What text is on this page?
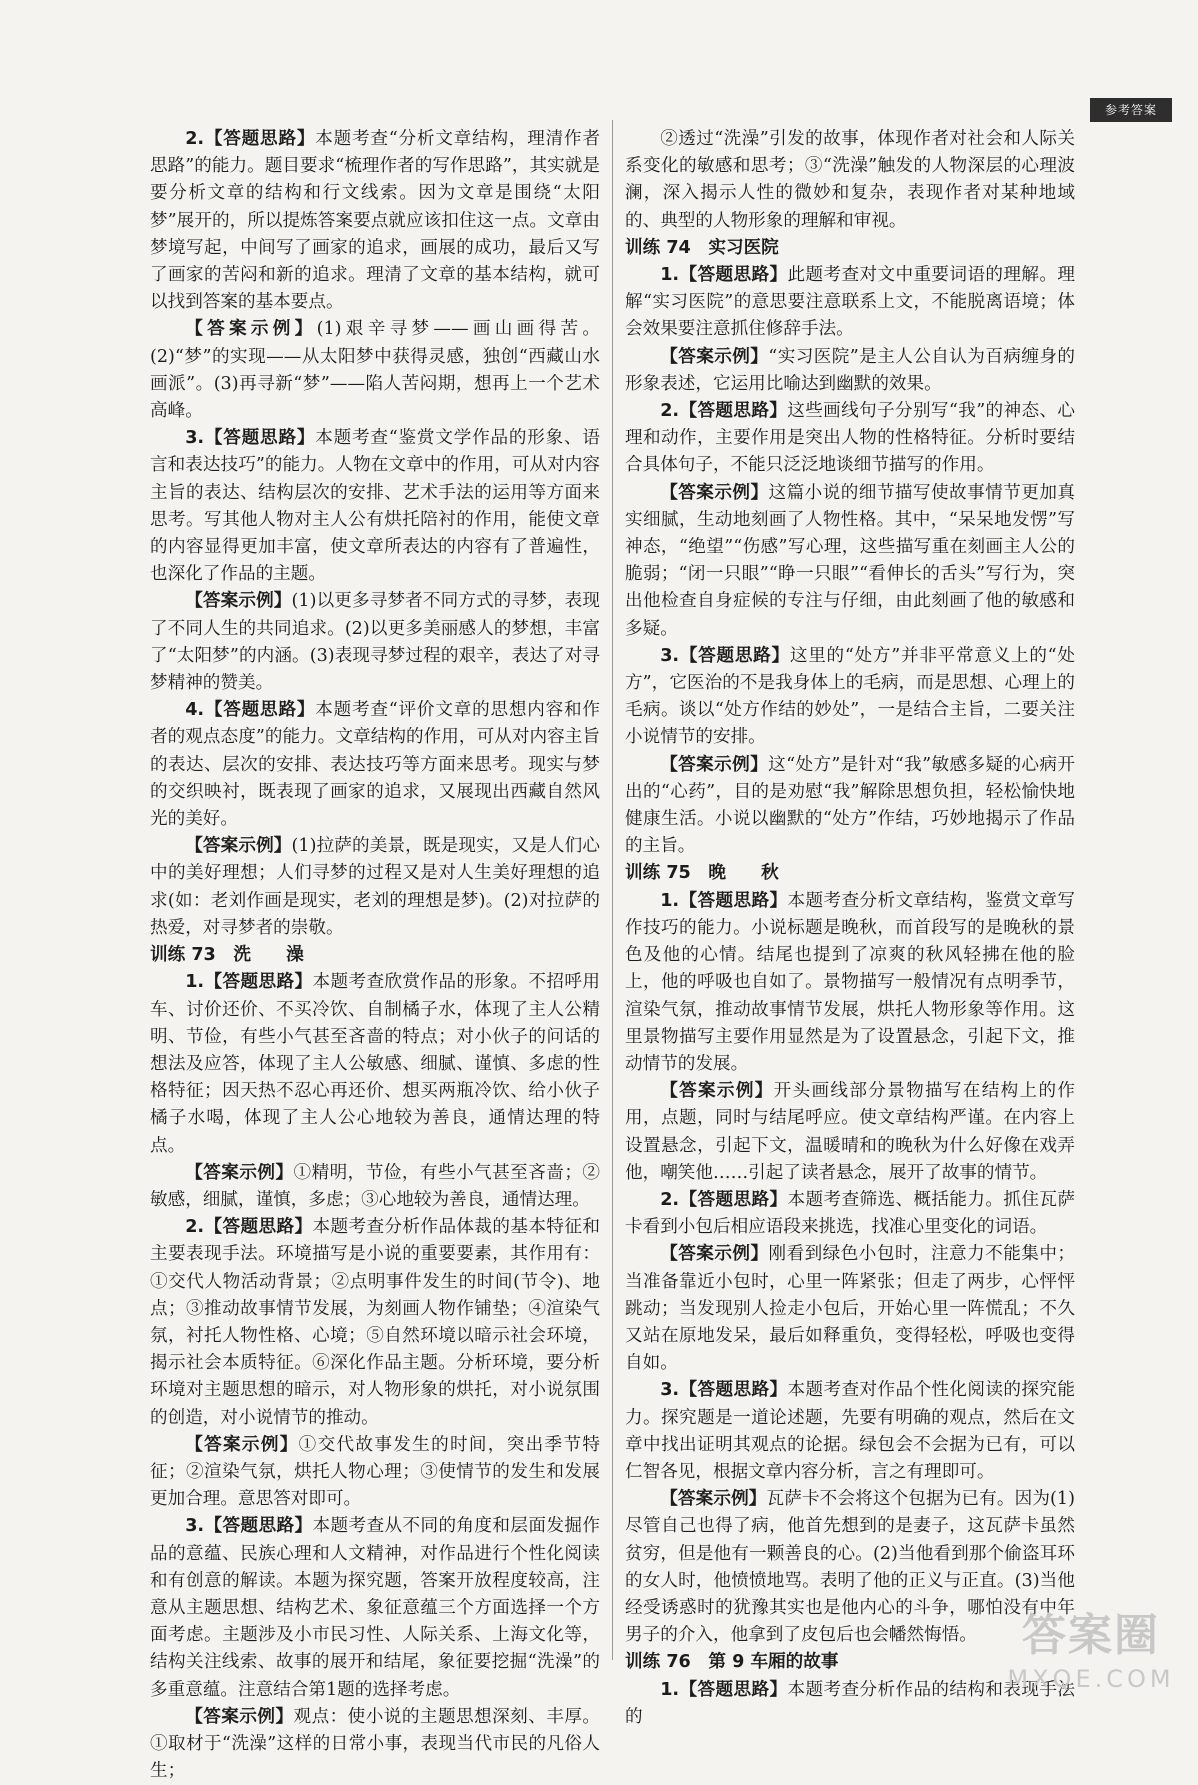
参考答案

2.【答题思路】本题考查“分析文章结构，理清作者思路”的能力。题目要求“梳理作者的写作思路”，其实就是要分析文章的结构和行文线索。因为文章是围绕“太阳梦”展开的，所以提炼答案要点就应该扣住这一点。文章由梦境写起，中间写了画家的追求，画展的成功，最后又写了画家的苦闷和新的追求。理清了文章的基本结构，就可以找到答案的基本要点。

【答案示例】(1)艰辛寻梦——画山画得苦。(2)“梦”的实现——从太阳梦中获得灵感，独创“西藏山水画派”。(3)再寻新“梦”——陷人苦闷期，想再上一个艺术高峰。

3.【答题思路】本题考查“鉴赏文学作品的形象、语言和表达技巧”的能力。人物在文章中的作用，可从对内容主旨的表达、结构层次的安排、艺术手法的运用等方面来思考。写其他人物对主人公有烘托陪衬的作用，能使文章的内容显得更加丰富，使文章所表达的内容有了普遍性，也深化了作品的主题。

【答案示例】(1)以更多寻梦者不同方式的寻梦，表现了不同人生的共同追求。(2)以更多美丽感人的梦想，丰富了“太阳梦”的内涵。(3)表现寻梦过程的艰辛，表达了对寻梦精神的赞美。

4.【答题思路】本题考查“评价文章的思想内容和作者的观点态度”的能力。文章结构的作用，可从对内容主旨的表达、层次的安排、表达技巧等方面来思考。现实与梦的交织映衬，既表现了画家的追求，又展现出西藏自然风光的美好。

【答案示例】(1)拉萨的美景，既是现实，又是人们心中的美好理想；人们寻梦的过程又是对人生美好理想的追求(如：老刘作画是现实，老刘的理想是梦)。(2)对拉萨的热爱，对寻梦者的崇敬。

训练 73　洗　　澡

1.【答题思路】本题考查欣赏作品的形象。不招呼用车、讨价还价、不买冷饮、自制橘子水，体现了主人公精明、节俭，有些小气甚至吝啬的特点；对小伙子的问话的想法及应答，体现了主人公敏感、细腻、谨慎、多虑的性格特征；因天热不忍心再还价、想买两瓶冷饮、给小伙子橘子水喝，体现了主人公心地较为善良，通情达理的特点。

【答案示例】①精明，节俭，有些小气甚至吝啬；②敏感，细腻，谨慎，多虑；③心地较为善良，通情达理。

2.【答题思路】本题考查分析作品体裁的基本特征和主要表现手法。环境描写是小说的重要要素，其作用有：①交代人物活动背景；②点明事件发生的时间(节令)、地点；③推动故事情节发展，为刻画人物作铺垫；④渲染气氛，衬托人物性格、心境；⑤自然环境以暗示社会环境，揭示社会本质特征。⑥深化作品主题。分析环境，要分析环境对主题思想的暗示，对人物形象的烘托，对小说氛围的创造，对小说情节的推动。

【答案示例】①交代故事发生的时间，突出季节特征；②渲染气氛，烘托人物心理；③使情节的发生和发展更加合理。意思答对即可。

3.【答题思路】本题考查从不同的角度和层面发掘作品的意蕴、民族心理和人文精神，对作品进行个性化阅读和有创意的解读。本题为探究题，答案开放程度较高，注意从主题思想、结构艺术、象征意蕴三个方面选择一个方面考虑。主题涉及小市民习性、人际关系、上海文化等，结构关注线索、故事的展开和结尾，象征要挖掘“洗澡”的多重意蕴。注意结合第1题的选择考虑。

【答案示例】观点：使小说的主题思想深刻、丰厚。①取材于“洗澡”这样的日常小事，表现当代市民的凡俗人生；

②透过“洗澡”引发的故事，体现作者对社会和人际关系变化的敏感和思考；③“洗澡”触发的人物深层的心理波澜，深入揭示人性的微妙和复杂，表现作者对某种地域的、典型的人物形象的理解和审视。

训练 74　实习医院

1.【答题思路】此题考查对文中重要词语的理解。理解“实习医院”的意思要注意联系上文，不能脱离语境；体会效果要注意抓住修辞手法。

【答案示例】“实习医院”是主人公自认为百病缠身的形象表述，它运用比喻达到幽默的效果。

2.【答题思路】这些画线句子分别写“我”的神态、心理和动作，主要作用是突出人物的性格特征。分析时要结合具体句子，不能只泛泛地谈细节描写的作用。

【答案示例】这篇小说的细节描写使故事情节更加真实细腻，生动地刻画了人物性格。其中，“呆呆地发愣”写神态，“绝望”“伤感”写心理，这些描写重在刻画主人公的脆弱；“闭一只眼”“睁一只眼”“看伸长的舌头”写行为，突出他检查自身症候的专注与仔细，由此刻画了他的敏感和多疑。

3.【答题思路】这里的“处方”并非平常意义上的“处方”，它医治的不是我身体上的毛病，而是思想、心理上的毛病。谈以“处方作结的妙处”，一是结合主旨，二要关注小说情节的安排。

【答案示例】这“处方”是针对“我”敏感多疑的心病开出的“心药”，目的是劝慰“我”解除思想负担，轻松愉快地健康生活。小说以幽默的“处方”作结，巧妙地揭示了作品的主旨。

训练 75　晚　　秋

1.【答题思路】本题考查分析文章结构，鉴赏文章写作技巧的能力。小说标题是晚秋，而首段写的是晚秋的景色及他的心情。结尾也提到了凉爽的秋风轻拂在他的脸上，他的呼吸也自如了。景物描写一般情况有点明季节，渲染气氛，推动故事情节发展，烘托人物形象等作用。这里景物描写主要作用显然是为了设置悬念，引起下文，推动情节的发展。

【答案示例】开头画线部分景物描写在结构上的作用，点题，同时与结尾呼应。使文章结构严谨。在内容上设置悬念，引起下文，温暖晴和的晚秋为什么好像在戏弄他，嘲笑他……引起了读者悬念，展开了故事的情节。

2.【答题思路】本题考查筛选、概括能力。抓住瓦萨卡看到小包后相应语段来挑选，找准心里变化的词语。

【答案示例】刚看到绿色小包时，注意力不能集中；当准备靠近小包时，心里一阵紧张；但走了两步，心怦怦跳动；当发现别人捡走小包后，开始心里一阵慌乱；不久又站在原地发呆，最后如释重负，变得轻松，呼吸也变得自如。

3.【答题思路】本题考查对作品个性化阅读的探究能力。探究题是一道论述题，先要有明确的观点，然后在文章中找出证明其观点的论据。绿包会不会据为已有，可以仁智各见，根据文章内容分析，言之有理即可。

【答案示例】瓦萨卡不会将这个包据为已有。因为(1)尽管自己也得了病，他首先想到的是妻子，这瓦萨卡虽然贫穷，但是他有一颗善良的心。(2)当他看到那个偷盗耳环的女人时，他愤愤地骂。表明了他的正义与正直。(3)当他经受诱惑时的犹豫其实也是他内心的斗争，哪怕没有中年男子的介入，他拿到了皮包后也会幡然悔悟。

训练 76　第 9 车厢的故事

1.【答题思路】本题考查分析作品的结构和表现手法的

答案圈
MXQE.COM
